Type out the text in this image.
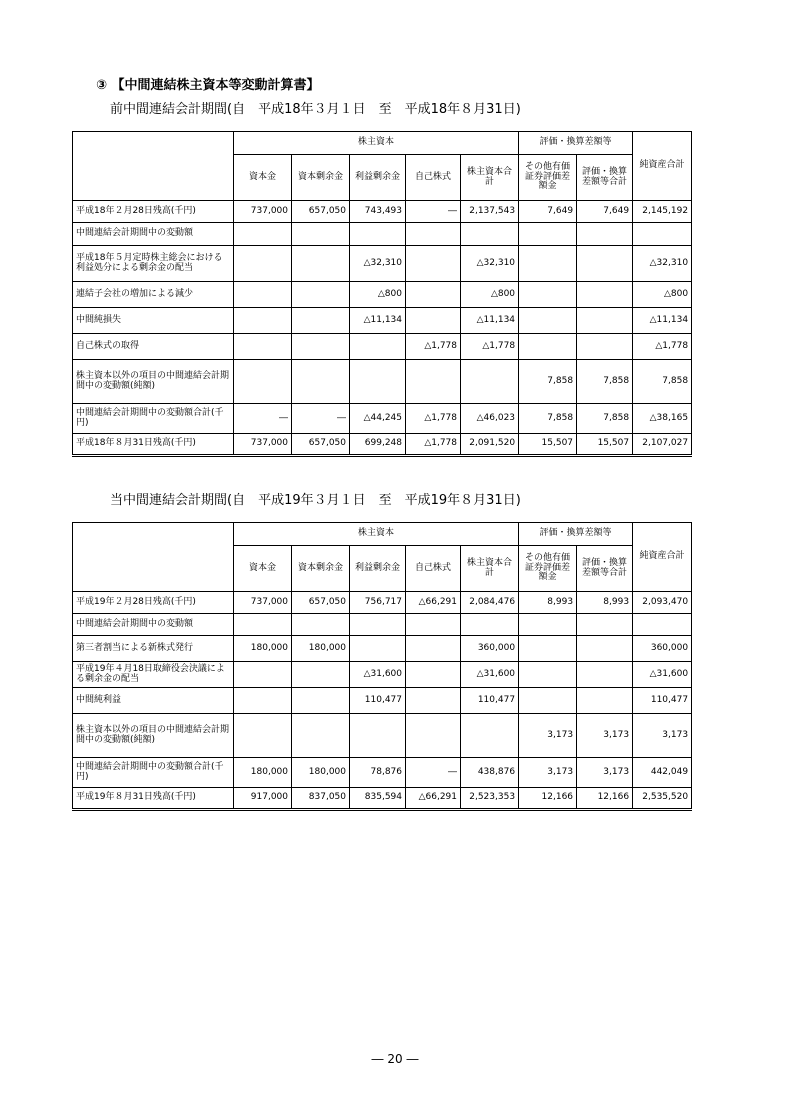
③ 【中間連結株主資本等変動計算書】
前中間連結会計期間(自　平成18年３月１日　至　平成18年８月31日)
	株主資本					評価・換算差額等		純資産合計
	資本金	資本剰余金	利益剰余金	自己株式	株主資本合計	その他有価証券評価差額金	評価・換算差額等合計	
平成18年２月28日残高(千円)	737,000	657,050	743,493	―	2,137,543	7,649	7,649	2,145,192
中間連結会計期間中の変動額								
平成18年５月定時株主総会における利益処分による剰余金の配当			△32,310		△32,310			△32,310
連結子会社の増加による減少			△800		△800			△800
中間純損失			△11,134		△11,134			△11,134
自己株式の取得				△1,778	△1,778			△1,778
株主資本以外の項目の中間連結会計期間中の変動額(純額)						7,858	7,858	7,858
中間連結会計期間中の変動額合計(千円)	―	―	△44,245	△1,778	△46,023	7,858	7,858	△38,165
平成18年８月31日残高(千円)	737,000	657,050	699,248	△1,778	2,091,520	15,507	15,507	2,107,027
当中間連結会計期間(自　平成19年３月１日　至　平成19年８月31日)
	株主資本					評価・換算差額等		純資産合計
	資本金	資本剰余金	利益剰余金	自己株式	株主資本合計	その他有価証券評価差額金	評価・換算差額等合計	
平成19年２月28日残高(千円)	737,000	657,050	756,717	△66,291	2,084,476	8,993	8,993	2,093,470
中間連結会計期間中の変動額								
第三者割当による新株式発行	180,000	180,000			360,000			360,000
平成19年４月18日取締役会決議による剰余金の配当			△31,600		△31,600			△31,600
中間純利益			110,477		110,477			110,477
株主資本以外の項目の中間連結会計期間中の変動額(純額)						3,173	3,173	3,173
中間連結会計期間中の変動額合計(千円)	180,000	180,000	78,876	―	438,876	3,173	3,173	442,049
平成19年８月31日残高(千円)	917,000	837,050	835,594	△66,291	2,523,353	12,166	12,166	2,535,520
― 20 ―
